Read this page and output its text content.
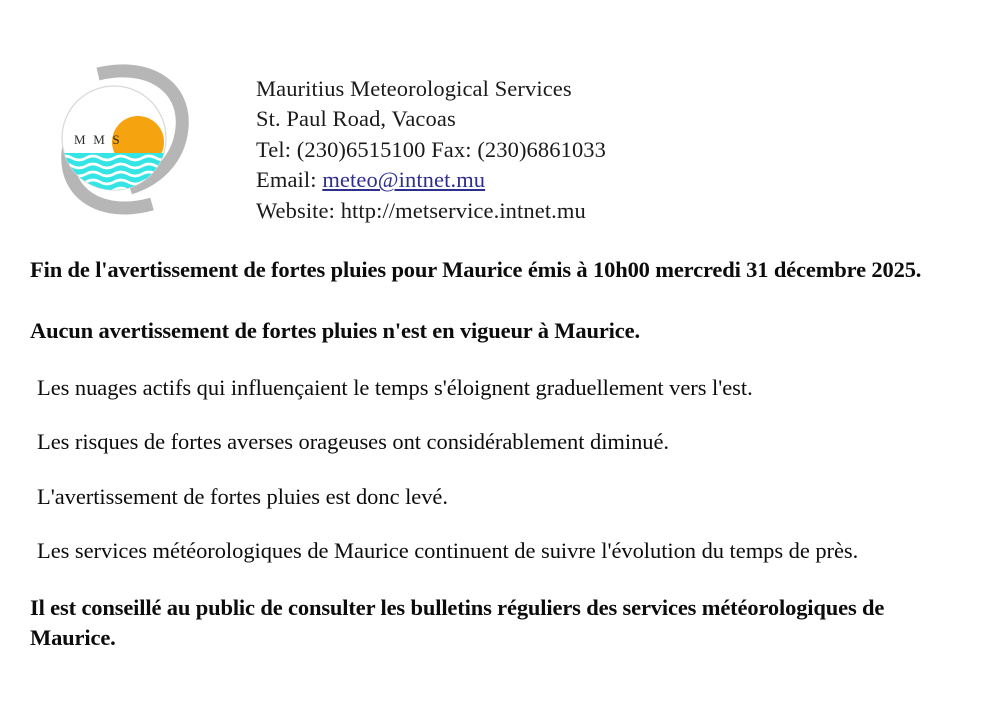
M M S
Mauritius Meteorological Services
St. Paul Road, Vacoas
Tel: (230)6515100 Fax: (230)6861033
Email: meteo@intnet.mu
Website: http://metservice.intnet.mu

Fin de l'avertissement de fortes pluies pour Maurice émis à 10h00 mercredi 31 décembre 2025.

Aucun avertissement de fortes pluies n'est en vigueur à Maurice.

Les nuages actifs qui influençaient le temps s'éloignent graduellement vers l'est.

Les risques de fortes averses orageuses ont considérablement diminué.

L'avertissement de fortes pluies est donc levé.

Les services météorologiques de Maurice continuent de suivre l'évolution du temps de près.

Il est conseillé au public de consulter les bulletins réguliers des services météorologiques de Maurice.
